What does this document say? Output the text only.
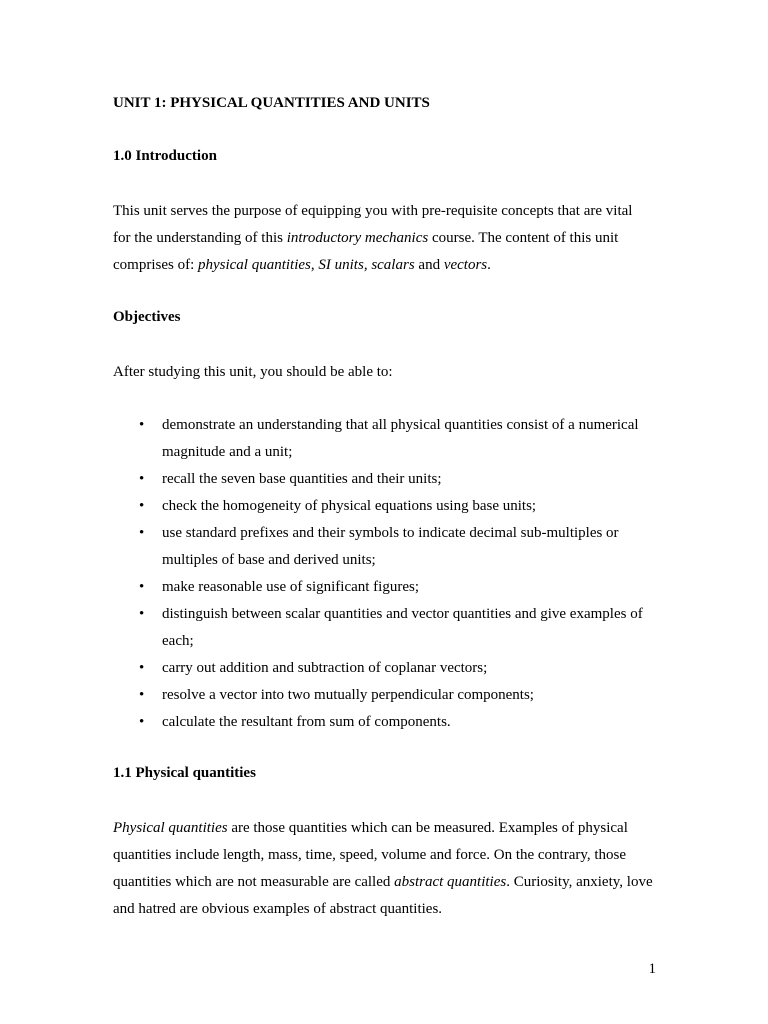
UNIT 1: PHYSICAL QUANTITIES AND UNITS

1.0 Introduction

This unit serves the purpose of equipping you with pre-requisite concepts that are vital for the understanding of this introductory mechanics course. The content of this unit comprises of: physical quantities, SI units, scalars and vectors.

Objectives

After studying this unit, you should be able to:

• demonstrate an understanding that all physical quantities consist of a numerical magnitude and a unit;
• recall the seven base quantities and their units;
• check the homogeneity of physical equations using base units;
• use standard prefixes and their symbols to indicate decimal sub-multiples or multiples of base and derived units;
• make reasonable use of significant figures;
• distinguish between scalar quantities and vector quantities and give examples of each;
• carry out addition and subtraction of coplanar vectors;
• resolve a vector into two mutually perpendicular components;
• calculate the resultant from sum of components.

1.1 Physical quantities

Physical quantities are those quantities which can be measured. Examples of physical quantities include length, mass, time, speed, volume and force. On the contrary, those quantities which are not measurable are called abstract quantities. Curiosity, anxiety, love and hatred are obvious examples of abstract quantities.

1
